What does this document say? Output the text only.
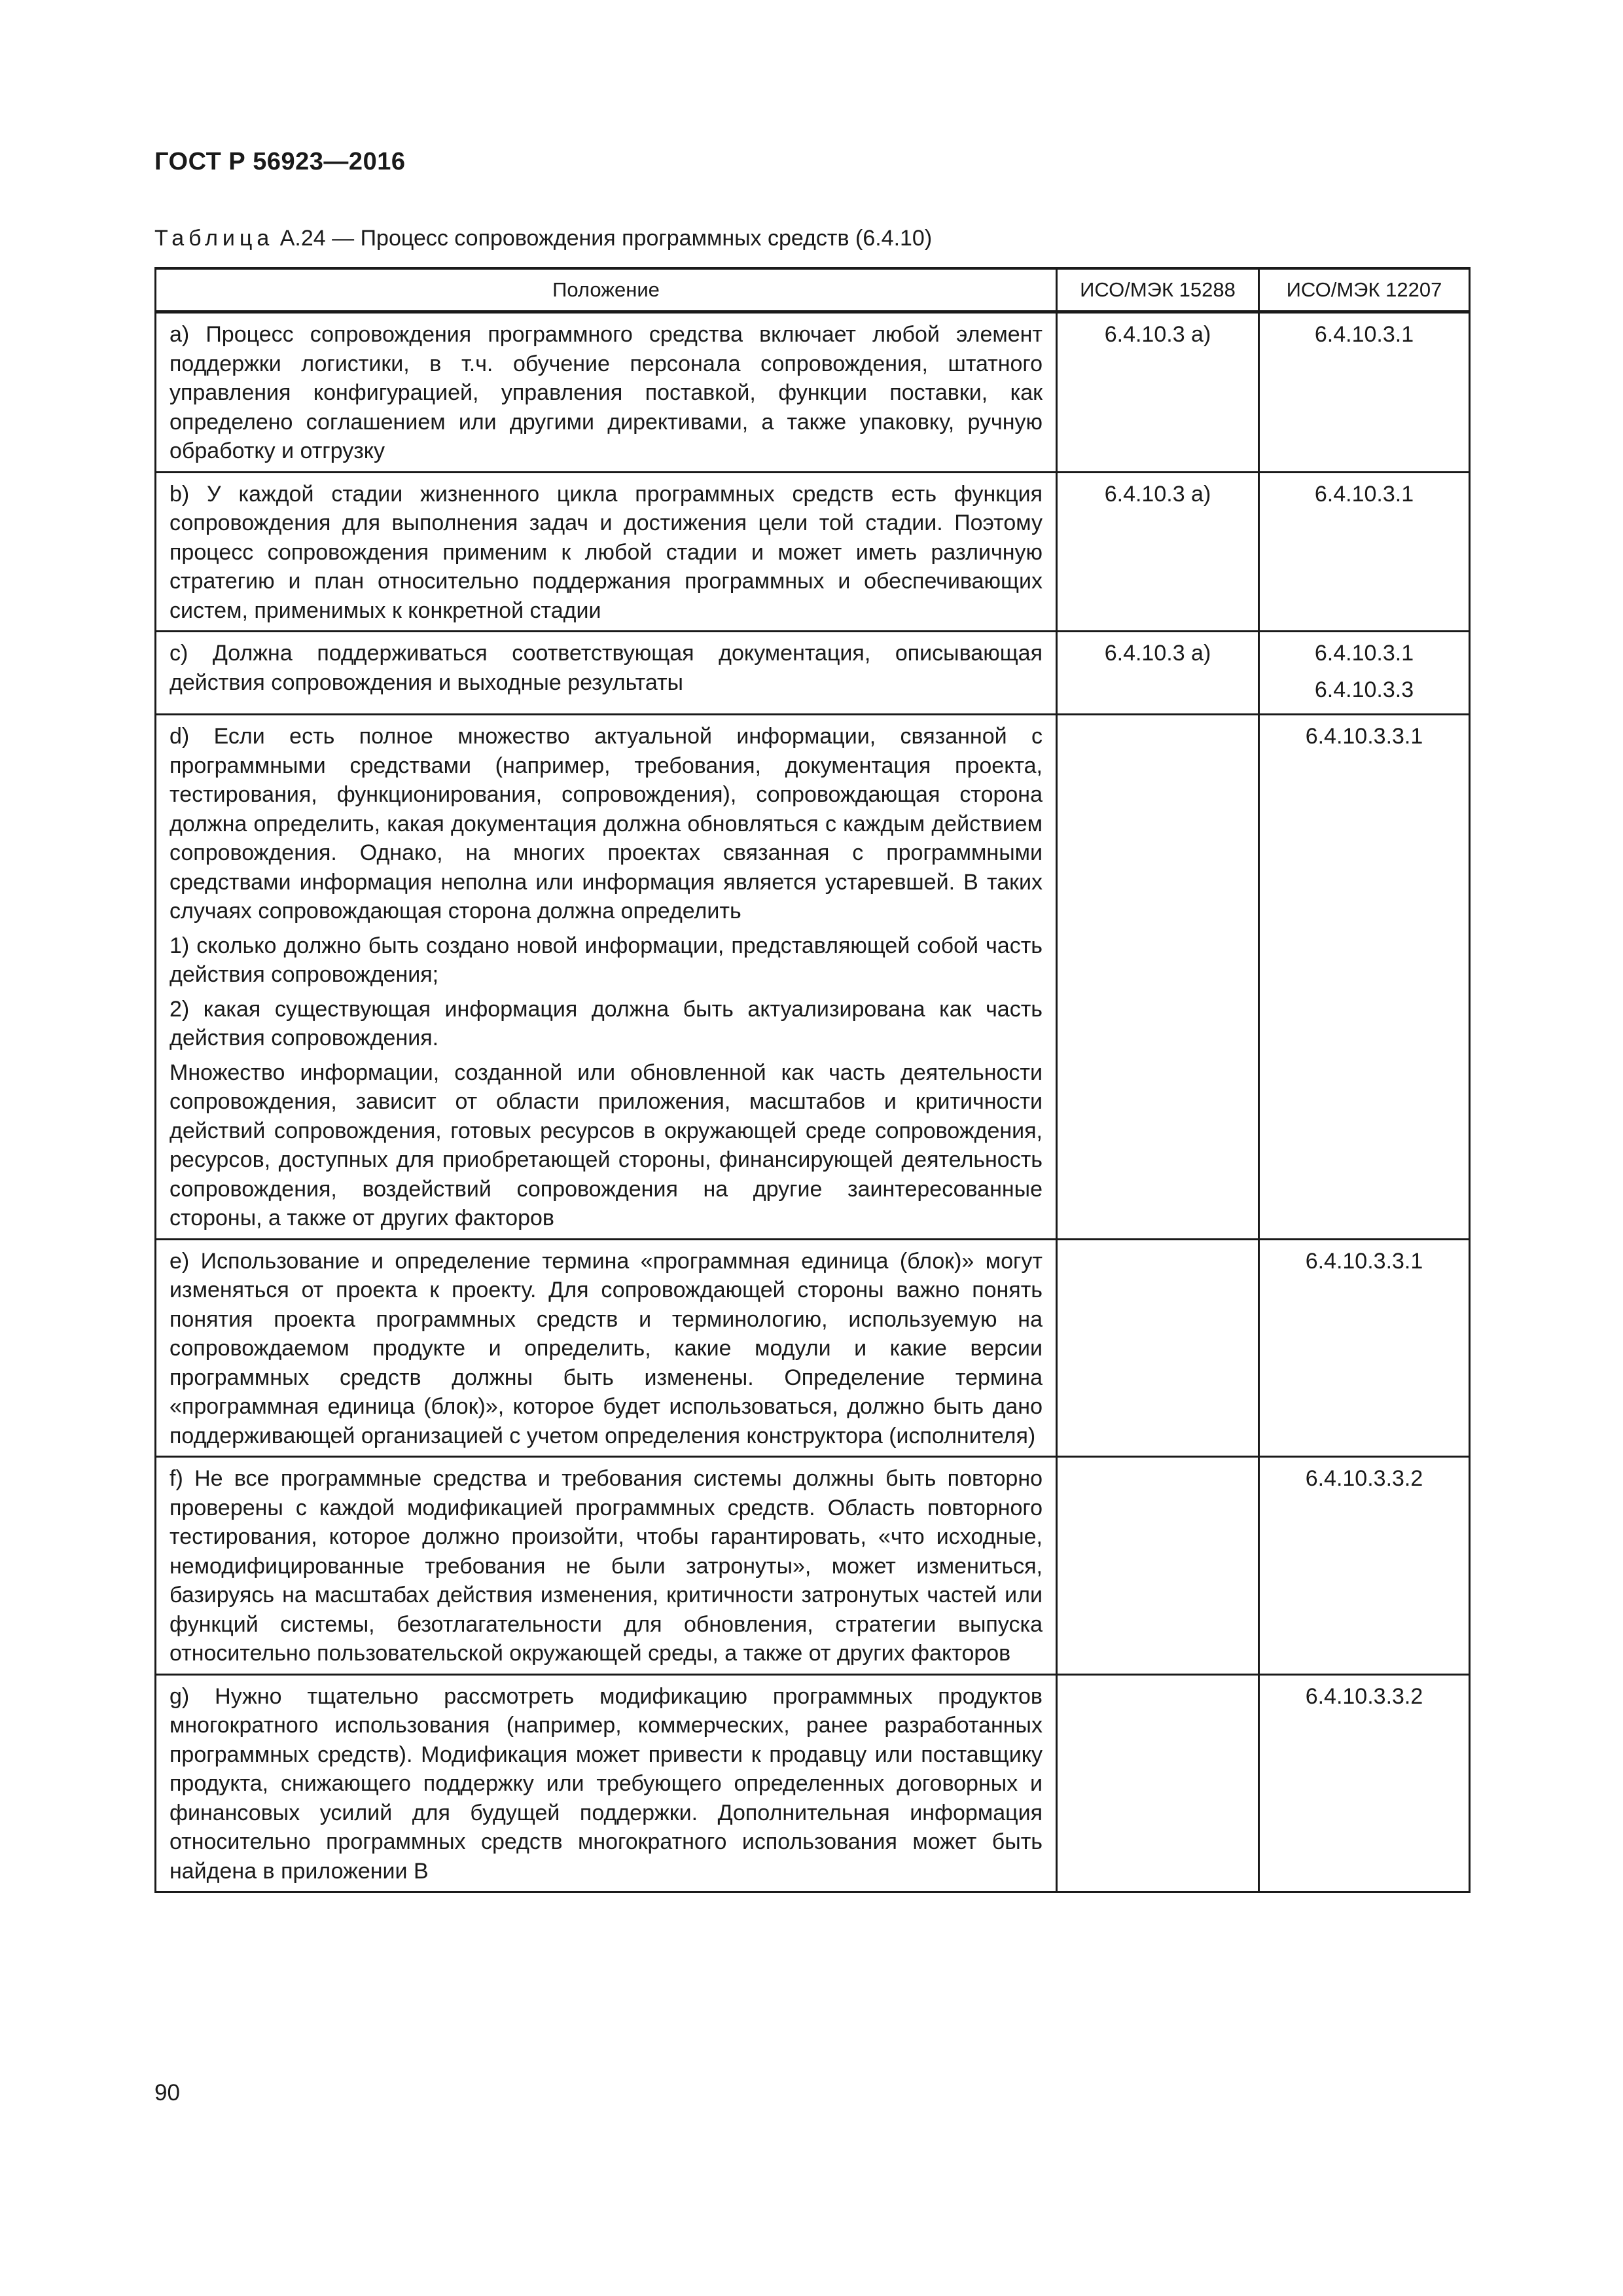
ГОСТ Р 56923—2016
Таблица А.24 — Процесс сопровождения программных средств (6.4.10)
Положение	ИСО/МЭК 15288	ИСО/МЭК 12207

а) Процесс сопровождения программного средства включает любой элемент поддержки логистики, в т.ч. обучение персонала сопровождения, штатного управления конфигурацией, управления поставкой, функции поставки, как определено соглашением или другими директивами, а также упаковку, ручную обработку и отгрузку	6.4.10.3 а)	6.4.10.3.1

b) У каждой стадии жизненного цикла программных средств есть функция сопровождения для выполнения задач и достижения цели той стадии. Поэтому процесс сопровождения применим к любой стадии и может иметь различную стратегию и план относительно поддержания программных и обеспечивающих систем, применимых к конкретной стадии	6.4.10.3 а)	6.4.10.3.1

с) Должна поддерживаться соответствующая документация, описывающая действия сопровождения и выходные результаты	6.4.10.3 а)	6.4.10.3.1
6.4.10.3.3

d) Если есть полное множество актуальной информации, связанной с программными средствами (например, требования, документация проекта, тестирования, функционирования, сопровождения), сопровождающая сторона должна определить, какая документация должна обновляться с каждым действием сопровождения. Однако, на многих проектах связанная с программными средствами информация неполна или информация является устаревшей. В таких случаях сопровождающая сторона должна определить
1) сколько должно быть создано новой информации, представляющей собой часть действия сопровождения;
2) какая существующая информация должна быть актуализирована как часть действия сопровождения.
Множество информации, созданной или обновленной как часть деятельности сопровождения, зависит от области приложения, масштабов и критичности действий сопровождения, готовых ресурсов в окружающей среде сопровождения, ресурсов, доступных для приобретающей стороны, финансирующей деятельность сопровождения, воздействий сопровождения на другие заинтересованные стороны, а также от других факторов		6.4.10.3.3.1

е) Использование и определение термина «программная единица (блок)» могут изменяться от проекта к проекту. Для сопровождающей стороны важно понять понятия проекта программных средств и терминологию, используемую на сопровождаемом продукте и определить, какие модули и какие версии программных средств должны быть изменены. Определение термина «программная единица (блок)», которое будет использоваться, должно быть дано поддерживающей организацией с учетом определения конструктора (исполнителя)		6.4.10.3.3.1

f) Не все программные средства и требования системы должны быть повторно проверены с каждой модификацией программных средств. Область повторного тестирования, которое должно произойти, чтобы гарантировать, «что исходные, немодифицированные требования не были затронуты», может измениться, базируясь на масштабах действия изменения, критичности затронутых частей или функций системы, безотлагательности для обновления, стратегии выпуска относительно пользовательской окружающей среды, а также от других факторов		6.4.10.3.3.2

g) Нужно тщательно рассмотреть модификацию программных продуктов многократного использования (например, коммерческих, ранее разработанных программных средств). Модификация может привести к продавцу или поставщику продукта, снижающего поддержку или требующего определенных договорных и финансовых усилий для будущей поддержки. Дополнительная информация относительно программных средств многократного использования может быть найдена в приложении В		6.4.10.3.3.2
90
